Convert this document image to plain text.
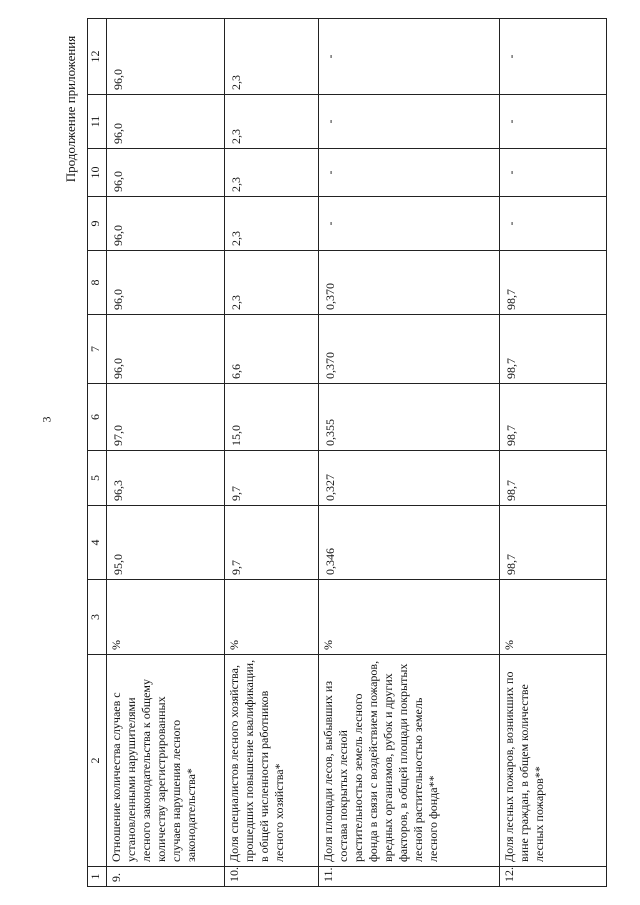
3
Продолжение приложения
1	2	3	4	5	6	7	8	9	10	11	12
9.	Отношение количества случаев с установленными нарушителями лесного законодательства к общему количеству зарегистрированных случаев нарушения лесного законодательства*	%	95,0	96,3	97,0	96,0	96,0	96,0	96,0	96,0	96,0
10.	Доля специалистов лесного хозяйства, прошедших повышение квалификации, в общей численности работников лесного хозяйства*	%	9,7	9,7	15,0	6,6	2,3	2,3	2,3	2,3	2,3
11.	Доля площади лесов, выбывших из состава покрытых лесной растительностью земель лесного фонда в связи с воздействием пожаров, вредных организмов, рубок и других факторов, в общей площади покрытых лесной растительностью земель лесного фонда**	%	0,346	0,327	0,355	0,370	0,370	-	-	-	-
12.	Доля лесных пожаров, возникших по вине граждан, в общем количестве лесных пожаров**	%	98,7	98,7	98,7	98,7	98,7	-	-	-	-
